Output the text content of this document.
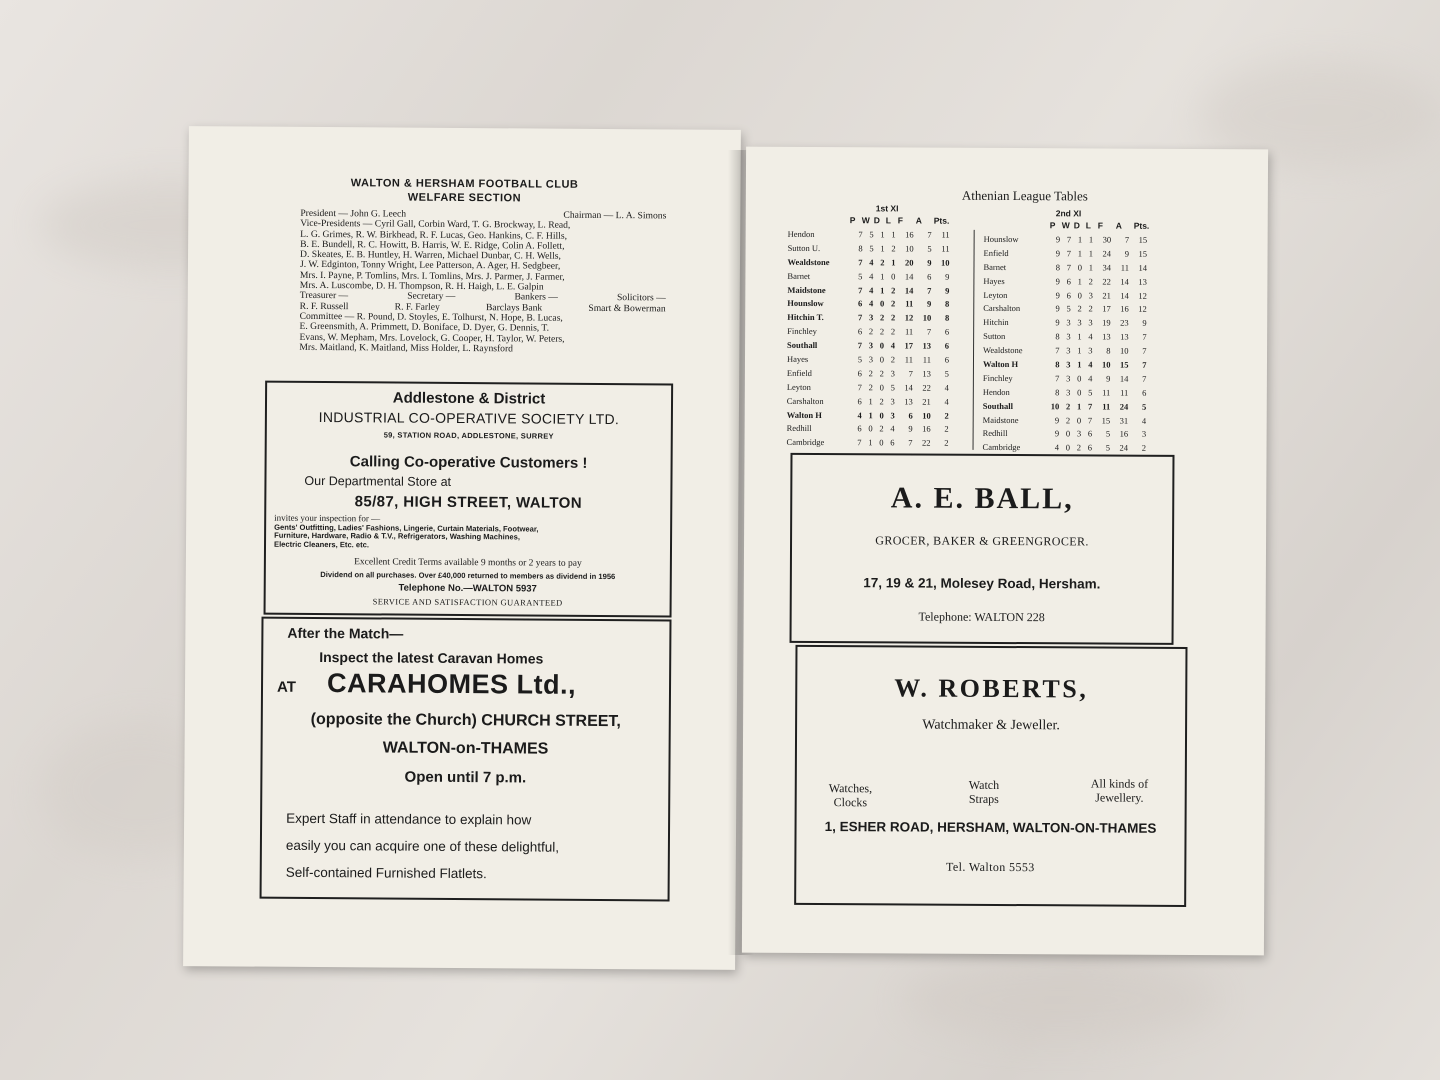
WALTON & HERSHAM FOOTBALL CLUB
WELFARE SECTION
President — John G. Leech	Chairman — L. A. Simons
Vice-Presidents — Cyril Gall, Corbin Ward, T. G. Brockway, L. Read,
L. G. Grimes, R. W. Birkhead, R. F. Lucas, Geo. Hankins, C. F. Hills,
B. E. Bundell, R. C. Howitt, B. Harris, W. E. Ridge, Colin A. Follett,
D. Skeates, E. B. Huntley, H. Warren, Michael Dunbar, C. H. Wells,
J. W. Edginton, Tonny Wright, Lee Patterson, A. Ager, H. Sedgbeer,
Mrs. I. Payne, P. Tomlins, Mrs. I. Tomlins, Mrs. J. Parmer, J. Farmer,
Mrs. A. Luscombe, D. H. Thompson, R. H. Haigh, L. E. Galpin
Treasurer —	Secretary —	Bankers —	Solicitors —
R. F. Russell	R. F. Farley	Barclays Bank	Smart & Bowerman
Committee — R. Pound, D. Stoyles, E. Tolhurst, N. Hope, B. Lucas,
E. Greensmith, A. Primmett, D. Boniface, D. Dyer, G. Dennis, T.
Evans, W. Mepham, Mrs. Lovelock, G. Cooper, H. Taylor, W. Peters,
Mrs. Maitland, K. Maitland, Miss Holder, L. Raynsford
Addlestone & District
INDUSTRIAL CO-OPERATIVE SOCIETY LTD.
59, STATION ROAD, ADDLESTONE, SURREY
Calling Co-operative Customers !
Our Departmental Store at
85/87, HIGH STREET, WALTON
invites your inspection for —
Gents' Outfitting, Ladies' Fashions, Lingerie, Curtain Materials, Footwear,
Furniture, Hardware, Radio & T.V., Refrigerators, Washing Machines,
Electric Cleaners, Etc. etc.
Excellent Credit Terms available 9 months or 2 years to pay
Dividend on all purchases. Over £40,000 returned to members as dividend in 1956
Telephone No.—WALTON 5937
SERVICE AND SATISFACTION GUARANTEED
After the Match—
Inspect the latest Caravan Homes
AT CARAHOMES Ltd.,
(opposite the Church) CHURCH STREET,
WALTON-on-THAMES
Open until 7 p.m.
Expert Staff in attendance to explain how
easily you can acquire one of these delightful,
Self-contained Furnished Flatlets.
Athenian League Tables
1st XI	2nd XI
P W D L F A Pts.	P W D L F A Pts.
Hendon	7	5	1	1	16	7	11
Sutton U.	8	5	1	2	10	5	11
Wealdstone	7	4	2	1	20	9	10
Barnet	5	4	1	0	14	6	9
Maidstone	7	4	1	2	14	7	9
Hounslow	6	4	0	2	11	9	8
Hitchin T.	7	3	2	2	12	10	8
Finchley	6	2	2	2	11	7	6
Southall	7	3	0	4	17	13	6
Hayes	5	3	0	2	11	11	6
Enfield	6	2	2	3	7	13	5
Leyton	7	2	0	5	14	22	4
Carshalton	6	1	2	3	13	21	4
Walton H	4	1	0	3	6	10	2
Redhill	6	0	2	4	9	16	2
Cambridge	7	1	0	6	7	22	2
Hounslow	9	7	1	1	30	7	15
Enfield	9	7	1	1	24	9	15
Barnet	8	7	0	1	34	11	14
Hayes	9	6	1	2	22	14	13
Leyton	9	6	0	3	21	14	12
Carshalton	9	5	2	2	17	16	12
Hitchin	9	3	3	3	19	23	9
Sutton	8	3	1	4	13	13	7
Wealdstone	7	3	1	3	8	10	7
Walton H	8	3	1	4	10	15	7
Finchley	7	3	0	4	9	14	7
Hendon	8	3	0	5	11	11	6
Southall	10	2	1	7	11	24	5
Maidstone	9	2	0	7	15	31	4
Redhill	9	0	3	6	5	16	3
Cambridge	4	0	2	6	5	24	2
A. E. BALL,
GROCER, BAKER & GREENGROCER.
17, 19 & 21, Molesey Road, Hersham.
Telephone: WALTON 228
W. ROBERTS,
Watchmaker & Jeweller.
Watches,
Clocks
Watch
Straps
All kinds of
Jewellery.
1, ESHER ROAD, HERSHAM, WALTON-ON-THAMES
Tel. Walton 5553
